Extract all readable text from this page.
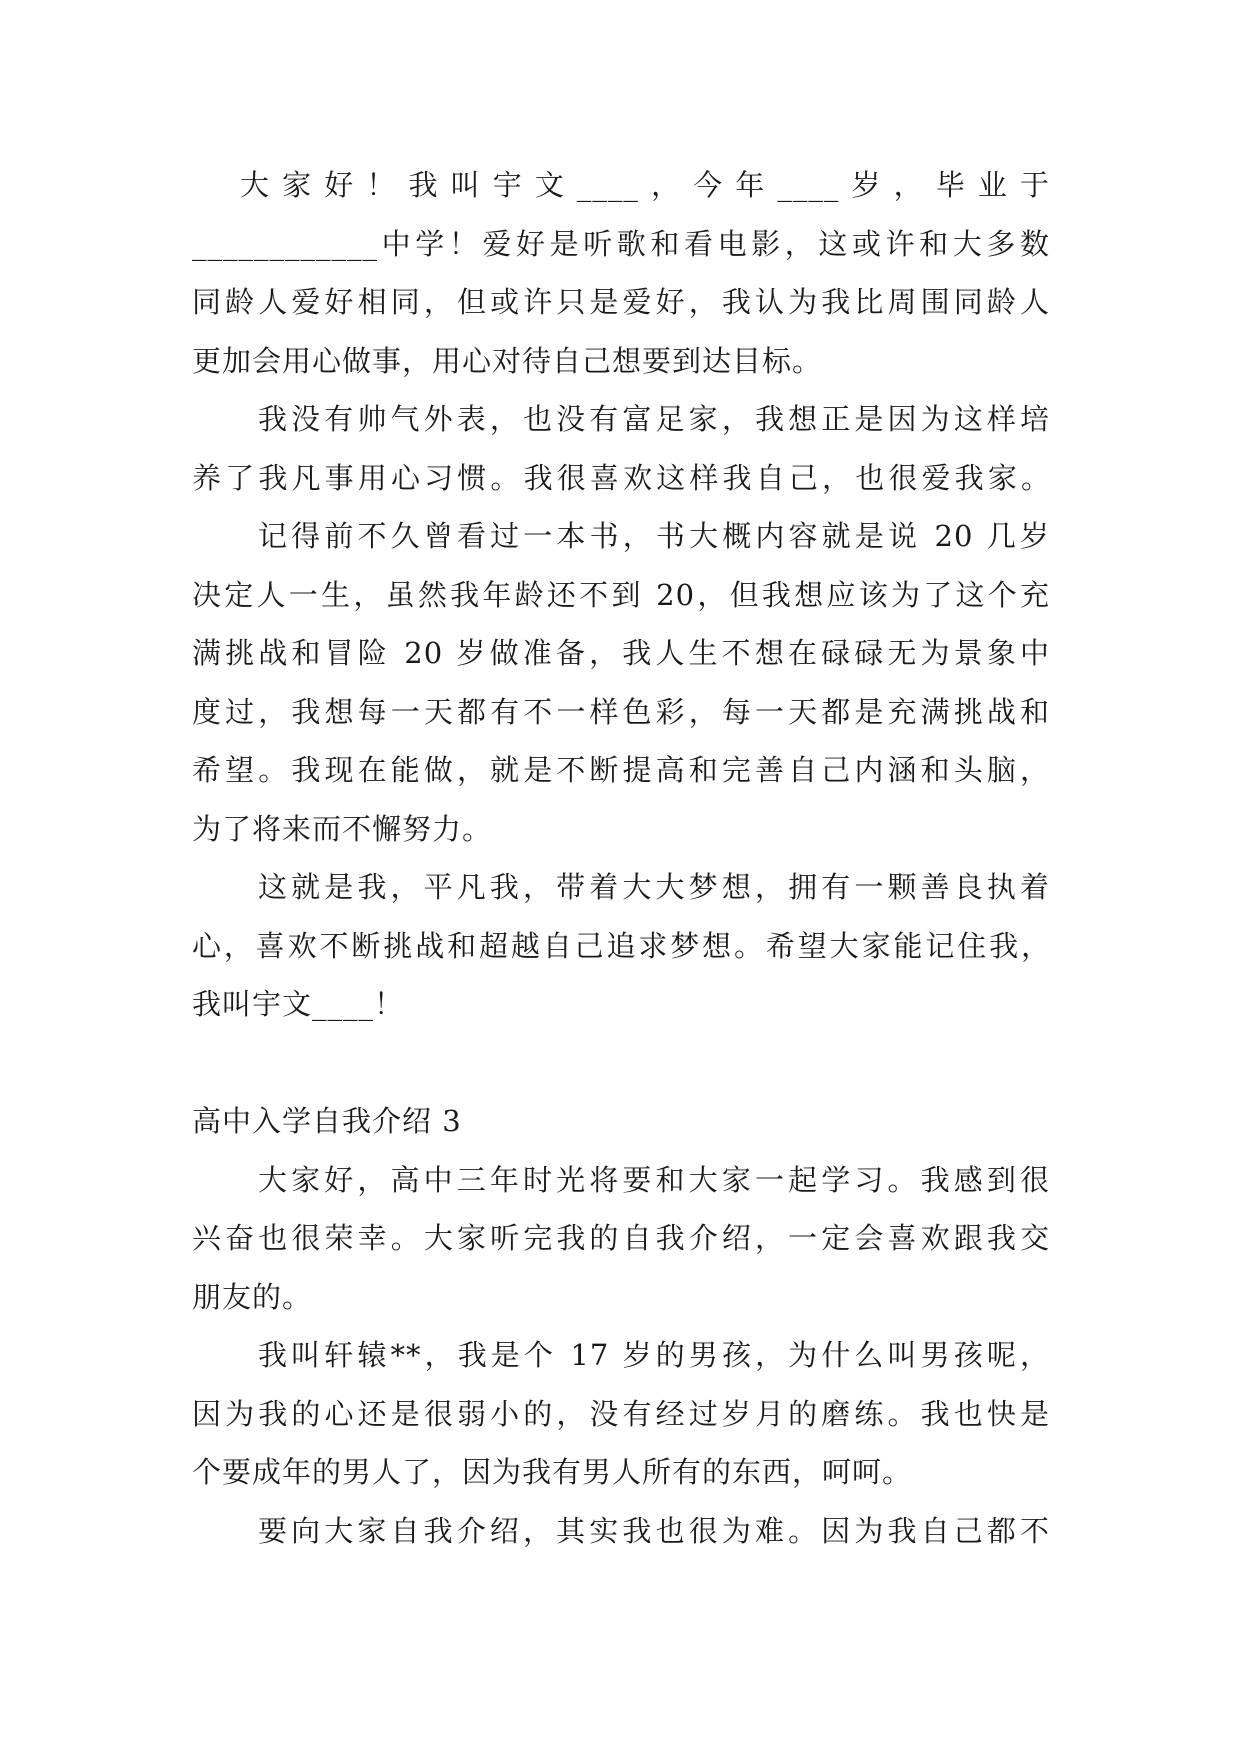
大家好！我叫宇文____，今年____岁，毕业于
____________中学！爱好是听歌和看电影，这或许和大多数
同龄人爱好相同，但或许只是爱好，我认为我比周围同龄人
更加会用心做事，用心对待自己想要到达目标。
我没有帅气外表，也没有富足家，我想正是因为这样培
养了我凡事用心习惯。我很喜欢这样我自己，也很爱我家。
记得前不久曾看过一本书，书大概内容就是说 20 几岁
决定人一生，虽然我年龄还不到 20，但我想应该为了这个充
满挑战和冒险 20 岁做准备，我人生不想在碌碌无为景象中
度过，我想每一天都有不一样色彩，每一天都是充满挑战和
希望。我现在能做，就是不断提高和完善自己内涵和头脑，
为了将来而不懈努力。
这就是我，平凡我，带着大大梦想，拥有一颗善良执着
心，喜欢不断挑战和超越自己追求梦想。希望大家能记住我，
我叫宇文____！
高中入学自我介绍 3
大家好，高中三年时光将要和大家一起学习。我感到很
兴奋也很荣幸。大家听完我的自我介绍，一定会喜欢跟我交
朋友的。
我叫轩辕**，我是个 17 岁的男孩，为什么叫男孩呢，
因为我的心还是很弱小的，没有经过岁月的磨练。我也快是
个要成年的男人了，因为我有男人所有的东西，呵呵。
要向大家自我介绍，其实我也很为难。因为我自己都不
